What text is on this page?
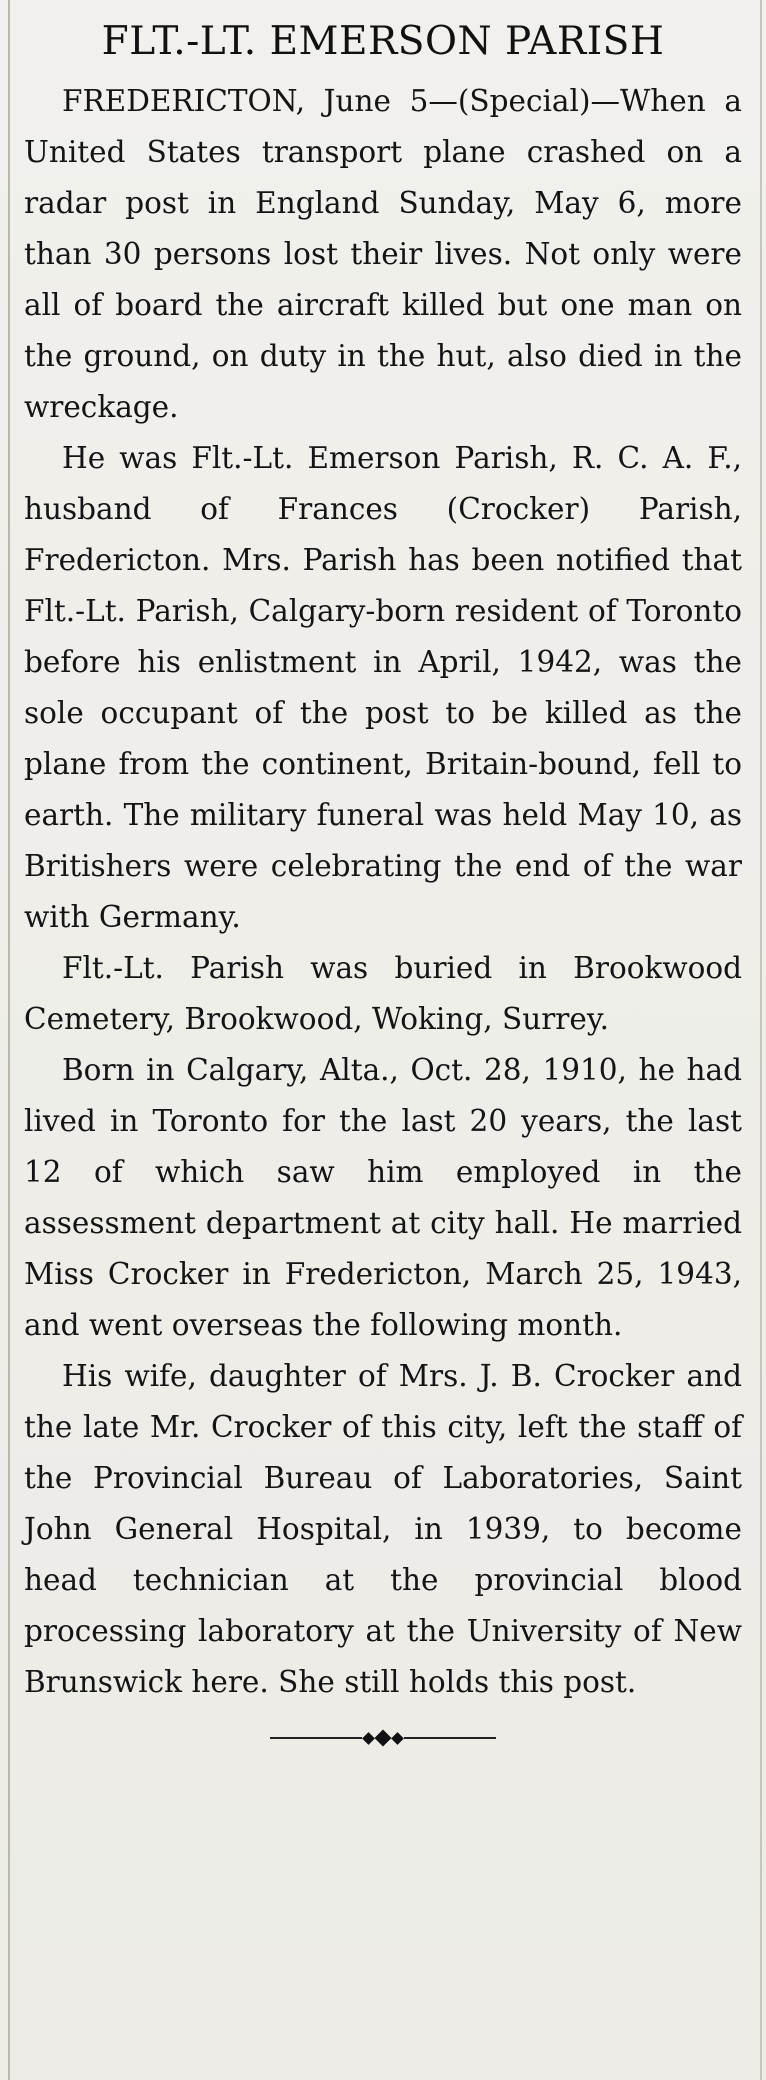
FLT.-LT. EMERSON PARISH

FREDERICTON, June 5—(Special)—When a United States transport plane crashed on a radar post in England Sunday, May 6, more than 30 persons lost their lives. Not only were all of board the aircraft killed but one man on the ground, on duty in the hut, also died in the wreckage.

He was Flt.-Lt. Emerson Parish, R. C. A. F., husband of Frances (Crocker) Parish, Fredericton. Mrs. Parish has been notified that Flt.-Lt. Parish, Calgary-born resident of Toronto before his enlistment in April, 1942, was the sole occupant of the post to be killed as the plane from the continent, Britain-bound, fell to earth. The military funeral was held May 10, as Britishers were celebrating the end of the war with Germany.

Flt.-Lt. Parish was buried in Brookwood Cemetery, Brookwood, Woking, Surrey.

Born in Calgary, Alta., Oct. 28, 1910, he had lived in Toronto for the last 20 years, the last 12 of which saw him employed in the assessment department at city hall. He married Miss Crocker in Fredericton, March 25, 1943, and went overseas the following month.

His wife, daughter of Mrs. J. B. Crocker and the late Mr. Crocker of this city, left the staff of the Provincial Bureau of Laboratories, Saint John General Hospital, in 1939, to become head technician at the provincial blood processing laboratory at the University of New Brunswick here. She still holds this post.
